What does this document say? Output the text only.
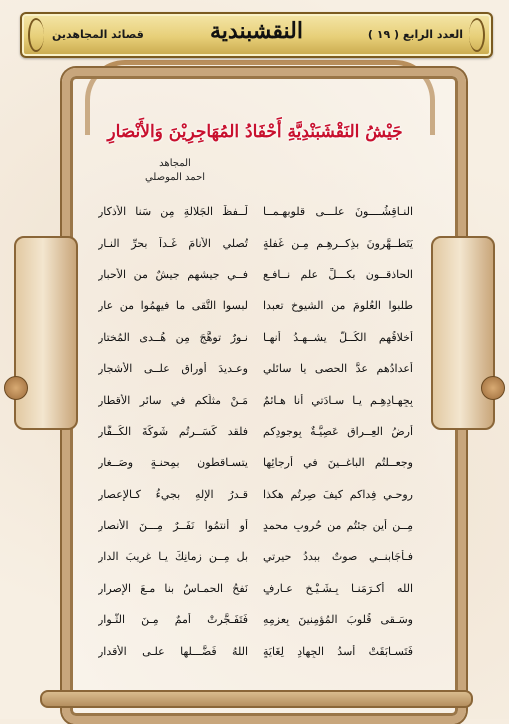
قصائد المجاهدين	النقشبندية	العدد الرابع ( ١٩ )
جَيْشُ النَقْشَبَنْدِيَّةِ أَحْفَادُ المُهَاجِرِيْنَ وَالأَنْصَارِ
المجاهد
احمد الموصلي
النـاقِشُــــونَ علـــى قلوبهـمــا
لَــفظَ الجَلالةِ مِن سَنا الأذكارِ
يَتَطــهَّرونَ بذِكــرهِـم مِـن غَفلةٍ
تُصلي الأنامَ غَـداً بحرِّ النـارِ
الحاذقــون بكـــلِّ علم نــافـع
فــي جيشهم جيشٌ من الأحبارِ
طلبوا العُلومَ من الشيوخ تعبدا
لبسوا التُّقى ما فيهمُوا من عارِ
أخلاقُهم الكُــلُّ يشــهـدُ أنهـا
نـورٌ توهَّجَ مِن هُــدى المُختارِ
أعدادُهم عدَّ الحصى يا سائلي
وعـديدَ أوراقٍ علــى الأشجارِ
بِجِهـادِهِـم يـا سـادَتي أنا هـائمٌ
مَـنْ مثلُكم في سائرِ الأقطارِ
أرضُ العِــراقِ عَصِيَّـةٌ بِوجودِكم
فلقد كَسَــرتُم شَوكَةَ الكُــفَّارِ
وجعــلتُم الباغــينَ في أرجائِها
يتسـاقطون بمِحنـةٍ وصَــغارِ
روحـي فِداكم كيفَ صِرتُم هكذا
قـدرُ الإلهِ بجيءُ كـالإعصارِ
مِــن أين جئتُم من حُروبِ محمدٍ
أو أنتمُوا نَفَــرٌ مِـــنَ الأنصارِ
فـأجَابنــي صوتٌ ببددُ حيرتي
بل مِــن زمانِكَ يـا غريبَ الدارِ
الله أكـرَمَنـا بِـشَـيْـخٍ عـارِفٍ
نَفحُ الحمـاسُ بنا مـعَ الإصرارِ
وسَـقى قُلوبَ المُؤمِنينَ بِعزمِهِ
فَتَفَـجَّرتْ أممٌ مِـنَ الثُّـوارِ
فَتَسـابَقَتْ أُسدُ الجِهادِ لِغَايَةٍ
اللهُ فَضَّـــلها علـى الأقدارِ
